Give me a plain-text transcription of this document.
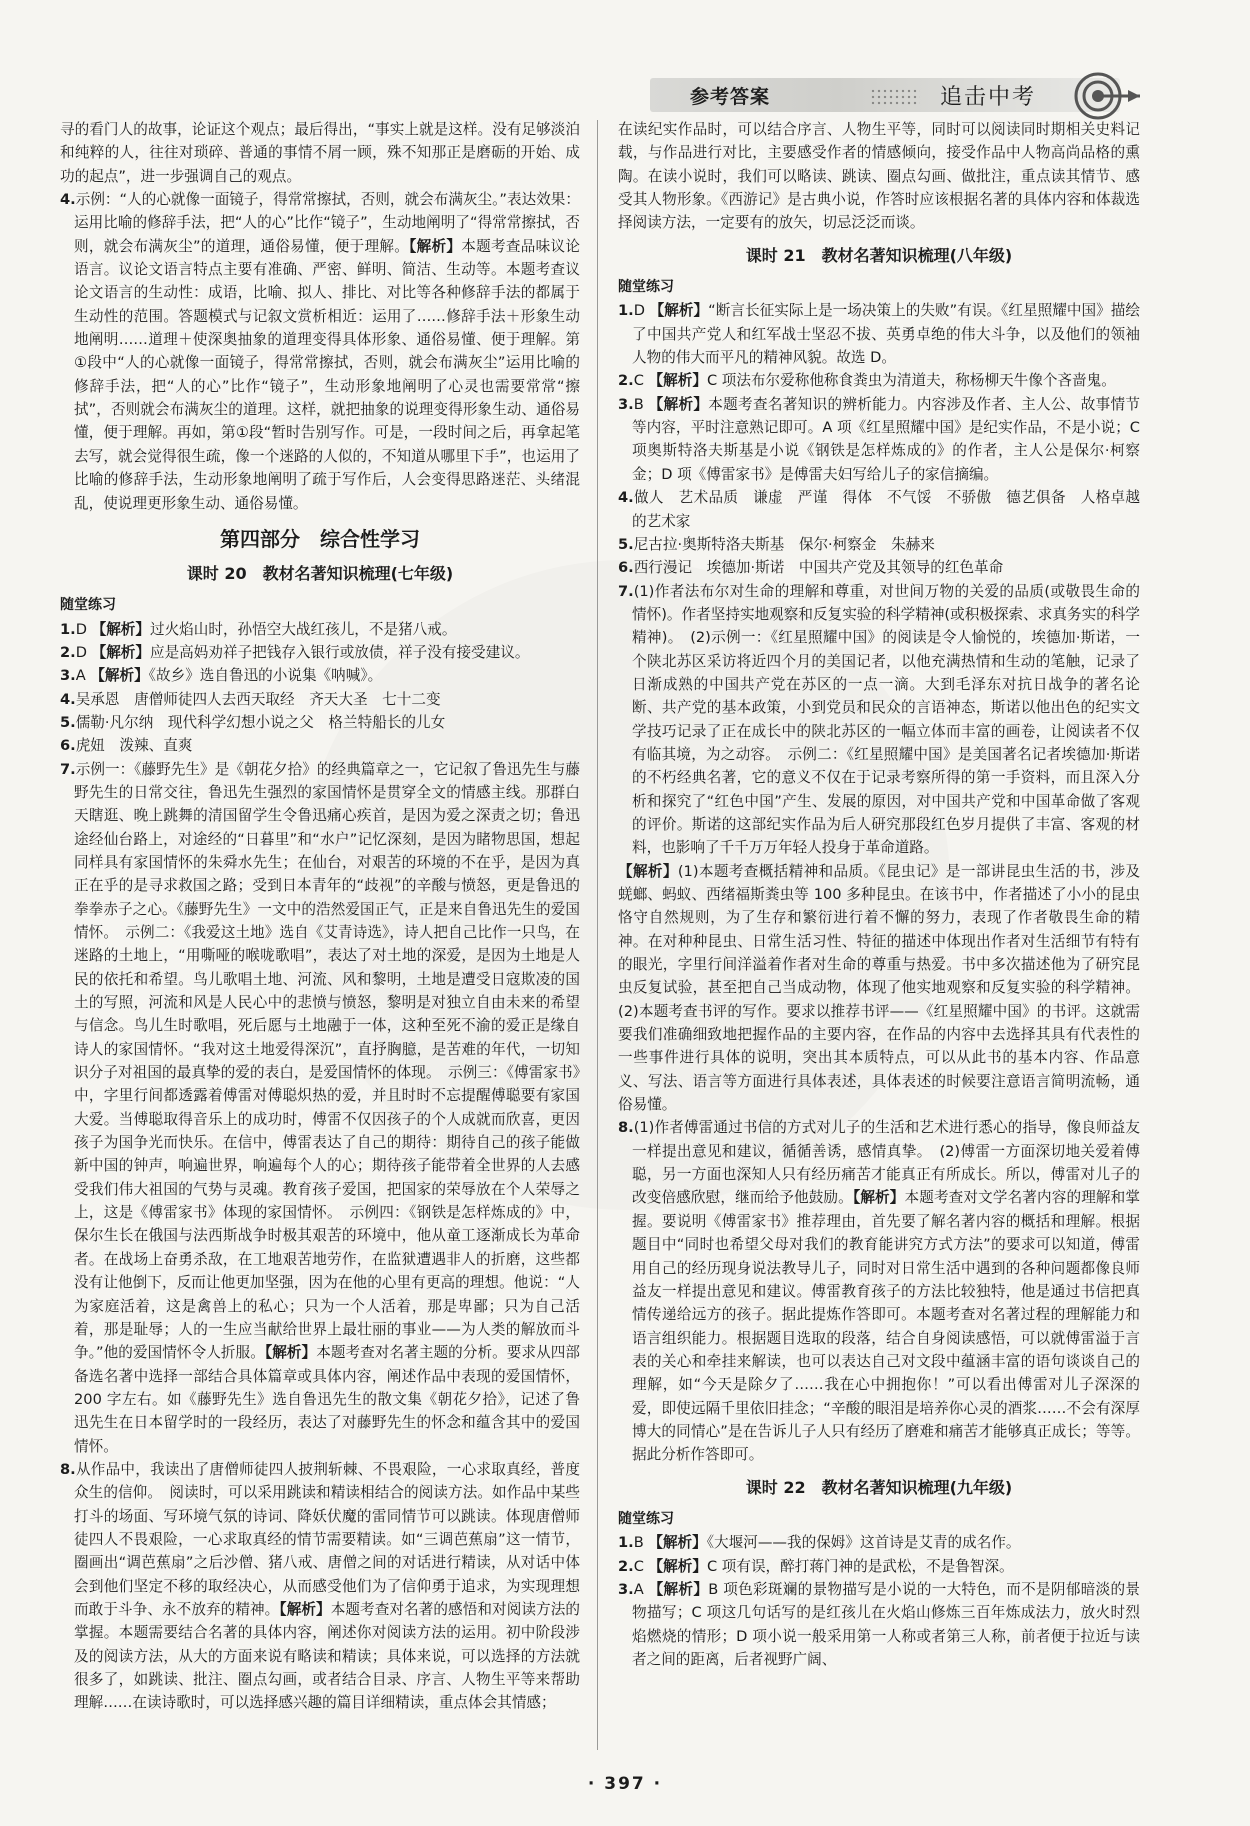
参考答案	追击中考

寻的看门人的故事，论证这个观点；最后得出，“事实上就是这样。没有足够淡泊和纯粹的人，往往对琐碎、普通的事情不屑一顾，殊不知那正是磨砺的开始、成功的起点”，进一步强调自己的观点。

4.示例：“人的心就像一面镜子，得常常擦拭，否则，就会布满灰尘。”表达效果：运用比喻的修辞手法，把“人的心”比作“镜子”，生动地阐明了“得常常擦拭，否则，就会布满灰尘”的道理，通俗易懂，便于理解。【解析】本题考查品味议论语言。议论文语言特点主要有准确、严密、鲜明、简洁、生动等。本题考查议论文语言的生动性：成语，比喻、拟人、排比、对比等各种修辞手法的都属于生动性的范围。答题模式与记叙文赏析相近：运用了……修辞手法＋形象生动地阐明……道理＋使深奥抽象的道理变得具体形象、通俗易懂、便于理解。第①段中“人的心就像一面镜子，得常常擦拭，否则，就会布满灰尘”运用比喻的修辞手法，把“人的心”比作“镜子”，生动形象地阐明了心灵也需要常常“擦拭”，否则就会布满灰尘的道理。这样，就把抽象的说理变得形象生动、通俗易懂，便于理解。再如，第①段“暂时告别写作。可是，一段时间之后，再拿起笔去写，就会觉得很生疏，像一个迷路的人似的，不知道从哪里下手”，也运用了比喻的修辞手法，生动形象地阐明了疏于写作后，人会变得思路迷茫、头绪混乱，使说理更形象生动、通俗易懂。

第四部分　综合性学习
课时 20　教材名著知识梳理(七年级)
随堂练习

1.D 【解析】过火焰山时，孙悟空大战红孩儿，不是猪八戒。

2.D 【解析】应是高妈劝祥子把钱存入银行或放债，祥子没有接受建议。

3.A 【解析】《故乡》选自鲁迅的小说集《呐喊》。

4.吴承恩　唐僧师徒四人去西天取经　齐天大圣　七十二变

5.儒勒·凡尔纳　现代科学幻想小说之父　格兰特船长的儿女

6.虎妞　泼辣、直爽

7.示例一：《藤野先生》是《朝花夕拾》的经典篇章之一，它记叙了鲁迅先生与藤野先生的日常交往，鲁迅先生强烈的家国情怀是贯穿全文的情感主线。那群白天瞎逛、晚上跳舞的清国留学生令鲁迅痛心疾首，是因为爱之深责之切；鲁迅途经仙台路上，对途经的“日暮里”和“水户”记忆深刻，是因为睹物思国，想起同样具有家国情怀的朱舜水先生；在仙台，对艰苦的环境的不在乎，是因为真正在乎的是寻求救国之路；受到日本青年的“歧视”的辛酸与愤怒，更是鲁迅的拳拳赤子之心。《藤野先生》一文中的浩然爱国正气，正是来自鲁迅先生的爱国情怀。　示例二：《我爱这土地》选自《艾青诗选》，诗人把自己比作一只鸟，在迷路的土地上，“用嘶哑的喉咙歌唱”，表达了对土地的深爱，是因为土地是人民的依托和希望。鸟儿歌唱土地、河流、风和黎明，土地是遭受日寇欺凌的国土的写照，河流和风是人民心中的悲愤与愤怒，黎明是对独立自由未来的希望与信念。鸟儿生时歌唱，死后愿与土地融于一体，这种至死不渝的爱正是缘自诗人的家国情怀。“我对这土地爱得深沉”，直抒胸臆，是苦难的年代，一切知识分子对祖国的最真挚的爱的表白，是爱国情怀的体现。　示例三：《傅雷家书》中，字里行间都透露着傅雷对傅聪炽热的爱，并且时时不忘提醒傅聪要有家国大爱。当傅聪取得音乐上的成功时，傅雷不仅因孩子的个人成就而欣喜，更因孩子为国争光而快乐。在信中，傅雷表达了自己的期待：期待自己的孩子能做新中国的钟声，响遍世界，响遍每个人的心；期待孩子能带着全世界的人去感受我们伟大祖国的气势与灵魂。教育孩子爱国，把国家的荣辱放在个人荣辱之上，这是《傅雷家书》体现的家国情怀。　示例四：《钢铁是怎样炼成的》中，保尔生长在俄国与法西斯战争时极其艰苦的环境中，他从童工逐渐成长为革命者。在战场上奋勇杀敌，在工地艰苦地劳作，在监狱遭遇非人的折磨，这些都没有让他倒下，反而让他更加坚强，因为在他的心里有更高的理想。他说：“人为家庭活着，这是禽兽上的私心；只为一个人活着，那是卑鄙；只为自己活着，那是耻辱；人的一生应当献给世界上最壮丽的事业——为人类的解放而斗争。”他的爱国情怀令人折服。【解析】本题考查对名著主题的分析。要求从四部备选名著中选择一部结合具体篇章或具体内容，阐述作品中表现的爱国情怀，200 字左右。如《藤野先生》选自鲁迅先生的散文集《朝花夕拾》，记述了鲁迅先生在日本留学时的一段经历，表达了对藤野先生的怀念和蕴含其中的爱国情怀。

8.从作品中，我读出了唐僧师徒四人披荆斩棘、不畏艰险，一心求取真经，普度众生的信仰。　阅读时，可以采用跳读和精读相结合的阅读方法。如作品中某些打斗的场面、写环境气氛的诗词、降妖伏魔的雷同情节可以跳读。体现唐僧师徒四人不畏艰险，一心求取真经的情节需要精读。如“三调芭蕉扇”这一情节，圈画出“调芭蕉扇”之后沙僧、猪八戒、唐僧之间的对话进行精读，从对话中体会到他们坚定不移的取经决心，从而感受他们为了信仰勇于追求，为实现理想而敢于斗争、永不放弃的精神。【解析】本题考查对名著的感悟和对阅读方法的掌握。本题需要结合名著的具体内容，阐述你对阅读方法的运用。初中阶段涉及的阅读方法，从大的方面来说有略读和精读；具体来说，可以选择的方法就很多了，如跳读、批注、圈点勾画，或者结合目录、序言、人物生平等来帮助理解……在读诗歌时，可以选择感兴趣的篇目详细精读，重点体会其情感；

在读纪实作品时，可以结合序言、人物生平等，同时可以阅读同时期相关史料记载，与作品进行对比，主要感受作者的情感倾向，接受作品中人物高尚品格的熏陶。在读小说时，我们可以略读、跳读、圈点勾画、做批注，重点读其情节、感受其人物形象。《西游记》是古典小说，作答时应该根据名著的具体内容和体裁选择阅读方法，一定要有的放矢，切忌泛泛而谈。

课时 21　教材名著知识梳理(八年级)
随堂练习

1.D 【解析】“断言长征实际上是一场决策上的失败”有误。《红星照耀中国》描绘了中国共产党人和红军战士坚忍不拔、英勇卓绝的伟大斗争，以及他们的领袖人物的伟大而平凡的精神风貌。故选 D。

2.C 【解析】C 项法布尔爱称他称食粪虫为清道夫，称杨柳天牛像个吝啬鬼。

3.B 【解析】本题考查名著知识的辨析能力。内容涉及作者、主人公、故事情节等内容，平时注意熟记即可。A 项《红星照耀中国》是纪实作品，不是小说；C 项奥斯特洛夫斯基是小说《钢铁是怎样炼成的》的作者，主人公是保尔·柯察金；D 项《傅雷家书》是傅雷夫妇写给儿子的家信摘编。

4.做人　艺术品质　谦虚　严谨　得体　不气馁　不骄傲　德艺俱备　人格卓越的艺术家

5.尼古拉·奥斯特洛夫斯基　保尔·柯察金　朱赫来

6.西行漫记　埃德加·斯诺　中国共产党及其领导的红色革命

7.(1)作者法布尔对生命的理解和尊重，对世间万物的关爱的品质(或敬畏生命的情怀)。作者坚持实地观察和反复实验的科学精神(或积极探索、求真务实的科学精神)。　(2)示例一：《红星照耀中国》的阅读是令人愉悦的，埃德加·斯诺，一个陕北苏区采访将近四个月的美国记者，以他充满热情和生动的笔触，记录了日渐成熟的中国共产党在苏区的一点一滴。大到毛泽东对抗日战争的著名论断、共产党的基本政策，小到党员和民众的言语神态，斯诺以他出色的纪实文学技巧记录了正在成长中的陕北苏区的一幅立体而丰富的画卷，让阅读者不仅有临其境，为之动容。　示例二：《红星照耀中国》是美国著名记者埃德加·斯诺的不朽经典名著，它的意义不仅在于记录考察所得的第一手资料，而且深入分析和探究了“红色中国”产生、发展的原因，对中国共产党和中国革命做了客观的评价。斯诺的这部纪实作品为后人研究那段红色岁月提供了丰富、客观的材料，也影响了千千万万年轻人投身于革命道路。

【解析】(1)本题考查概括精神和品质。《昆虫记》是一部讲昆虫生活的书，涉及蜣螂、蚂蚁、西绪福斯粪虫等 100 多种昆虫。在该书中，作者描述了小小的昆虫恪守自然规则，为了生存和繁衍进行着不懈的努力，表现了作者敬畏生命的精神。在对种种昆虫、日常生活习性、特征的描述中体现出作者对生活细节有特有的眼光，字里行间洋溢着作者对生命的尊重与热爱。书中多次描述他为了研究昆虫反复试验，甚至把自己当成动物，体现了他实地观察和反复实验的科学精神。(2)本题考查书评的写作。要求以推荐书评——《红星照耀中国》的书评。这就需要我们准确细致地把握作品的主要内容，在作品的内容中去选择其具有代表性的一些事件进行具体的说明，突出其本质特点，可以从此书的基本内容、作品意义、写法、语言等方面进行具体表述，具体表述的时候要注意语言简明流畅，通俗易懂。

8.(1)作者傅雷通过书信的方式对儿子的生活和艺术进行悉心的指导，像良师益友一样提出意见和建议，循循善诱，感情真挚。　(2)傅雷一方面深切地关爱着傅聪，另一方面也深知人只有经历痛苦才能真正有所成长。所以，傅雷对儿子的改变倍感欣慰，继而给予他鼓励。【解析】本题考查对文学名著内容的理解和掌握。要说明《傅雷家书》推荐理由，首先要了解名著内容的概括和理解。根据题目中“同时也希望父母对我们的教育能讲究方式方法”的要求可以知道，傅雷用自己的经历现身说法教导儿子，同时对日常生活中遇到的各种问题都像良师益友一样提出意见和建议。傅雷教育孩子的方法比较独特，他是通过书信把真情传递给远方的孩子。据此提炼作答即可。本题考查对名著过程的理解能力和语言组织能力。根据题目选取的段落，结合自身阅读感悟，可以就傅雷溢于言表的关心和牵挂来解读，也可以表达自己对文段中蕴涵丰富的语句谈谈自己的理解，如“今天是除夕了……我在心中拥抱你！”可以看出傅雷对儿子深深的爱，即使远隔千里依旧挂念；“辛酸的眼泪是培养你心灵的酒浆……不会有深厚博大的同情心”是在告诉儿子人只有经历了磨难和痛苦才能够真正成长；等等。据此分析作答即可。

课时 22　教材名著知识梳理(九年级)
随堂练习

1.B 【解析】《大堰河——我的保姆》这首诗是艾青的成名作。

2.C 【解析】C 项有误，醉打蒋门神的是武松，不是鲁智深。

3.A 【解析】B 项色彩斑斓的景物描写是小说的一大特色，而不是阴郁暗淡的景物描写；C 项这几句话写的是红孩儿在火焰山修炼三百年炼成法力，放火时烈焰燃烧的情形；D 项小说一般采用第一人称或者第三人称，前者便于拉近与读者之间的距离，后者视野广阔、

· 397 ·
